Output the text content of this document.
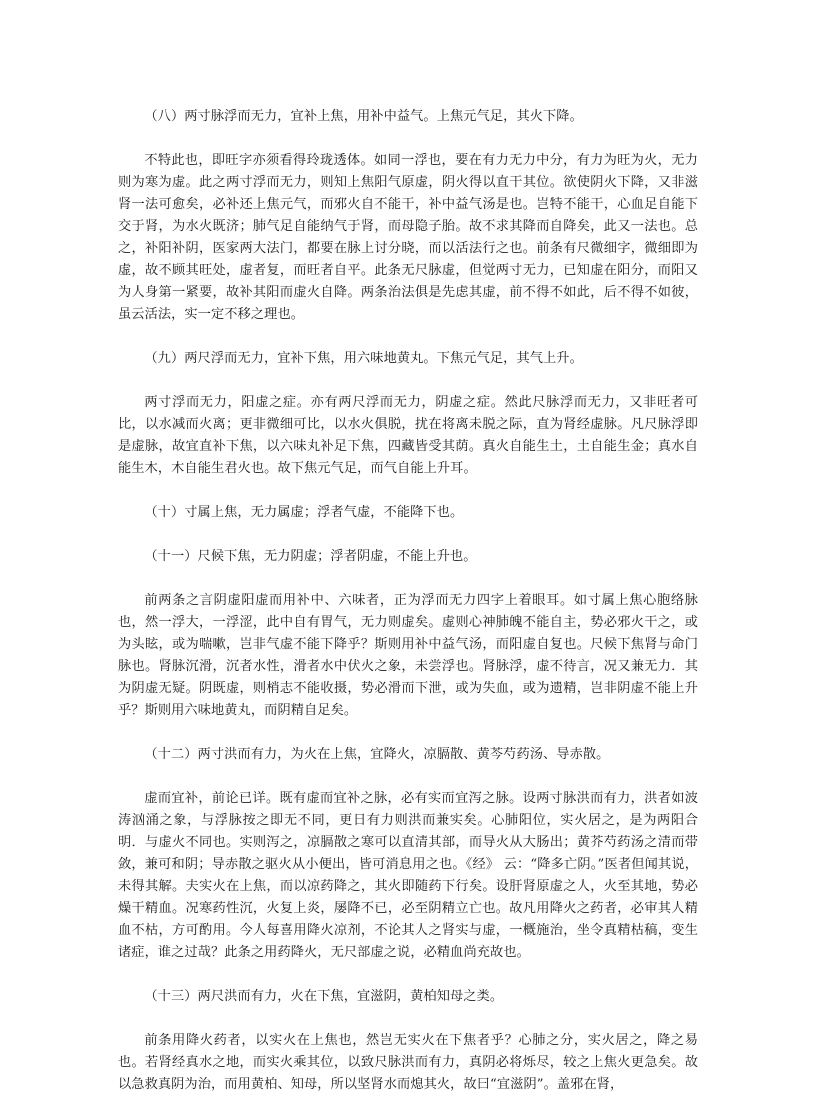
（八）两寸脉浮而无力，宜补上焦，用补中益气。上焦元气足，其火下降。

不特此也，即旺字亦须看得玲珑透体。如同一浮也，要在有力无力中分，有力为旺为火，无力则为寒为虚。此之两寸浮而无力，则知上焦阳气原虚，阴火得以直干其位。欲使阴火下降，又非滋肾一法可愈矣，必补还上焦元气，而邪火自不能干，补中益气汤是也。岂特不能干，心血足自能下交于肾，为水火既济；肺气足自能纳气于肾，而母隐子胎。故不求其降而自降矣，此又一法也。总之，补阳补阴，医家两大法门，都要在脉上讨分晓，而以活法行之也。前条有尺微细字，微细即为虚，故不顾其旺处，虚者复，而旺者自平。此条无尺脉虚，但觉两寸无力，已知虚在阳分，而阳又为人身第一紧要，故补其阳而虚火自降。两条治法俱是先虑其虚，前不得不如此，后不得不如彼，虽云活法，实一定不移之理也。

（九）两尺浮而无力，宜补下焦，用六味地黄丸。下焦元气足，其气上升。

两寸浮而无力，阳虚之症。亦有两尺浮而无力，阴虚之症。然此尺脉浮而无力，又非旺者可比，以水减而火离；更非微细可比，以水火俱脱，扰在将离未脱之际，直为肾经虚脉。凡尺脉浮即是虚脉，故宜直补下焦，以六味丸补足下焦，四藏皆受其荫。真火自能生土，土自能生金；真水自能生木，木自能生君火也。故下焦元气足，而气自能上升耳。

（十）寸属上焦，无力属虚；浮者气虚，不能降下也。

（十一）尺候下焦，无力阴虚；浮者阴虚，不能上升也。

前两条之言阴虚阳虚而用补中、六味者，正为浮而无力四字上着眼耳。如寸属上焦心胞络脉也，然一浮大，一浮涩，此中自有胃气，无力则虚矣。虚则心神肺魄不能自主，势必邪火干之，或为头眩，或为喘嗽，岂非气虚不能下降乎？斯则用补中益气汤，而阳虚自复也。尺候下焦肾与命门脉也。肾脉沉滑，沉者水性，滑者水中伏火之象，未尝浮也。肾脉浮，虚不待言，况又兼无力．其为阴虚无疑。阴既虚，则梢志不能收摄，势必滑而下泄，或为失血，或为遗精，岂非阴虚不能上升乎？斯则用六味地黄丸，而阴精自足矣。

（十二）两寸洪而有力，为火在上焦，宜降火，凉膈散、黄芩芍药汤、导赤散。

虚而宜补，前论已详。既有虚而宜补之脉，必有实而宜泻之脉。设两寸脉洪而有力，洪者如波涛汹涌之象，与浮脉按之即无不同，更日有力则洪而兼实矣。心肺阳位，实火居之，是为两阳合明．与虚火不同也。实则泻之，凉膈散之寒可以直清其部，而导火从大肠出；黄芥芍药汤之清而带敛，兼可和阴；导赤散之驱火从小便出，皆可消息用之也。《经》 云：“降多亡阴。”医者但闻其说，未得其解。夫实火在上焦，而以凉药降之，其火即随药下行矣。设肝肾原虚之人，火至其地，势必燥干精血。况寒药性沉，火复上炎，屡降不已，必至阴精立亡也。故凡用降火之药者，必审其人精血不枯，方可酌用。今人每喜用降火凉剂，不论其人之肾实与虚，一概施治，坐令真精枯稿，变生诸症，谁之过哉？此条之用药降火，无尺部虚之说，必精血尚充故也。

（十三）两尺洪而有力，火在下焦，宜滋阴，黄柏知母之类。

前条用降火药者，以实火在上焦也，然岂无实火在下焦者乎？心肺之分，实火居之，降之易也。若肾经真水之地，而实火乘其位，以致尺脉洪而有力，真阴必将烁尽，较之上焦火更急矣。故以急救真阴为治，而用黄柏、知母，所以坚肾水而熄其火，故曰“宜滋阴”。盖邪在肾，
